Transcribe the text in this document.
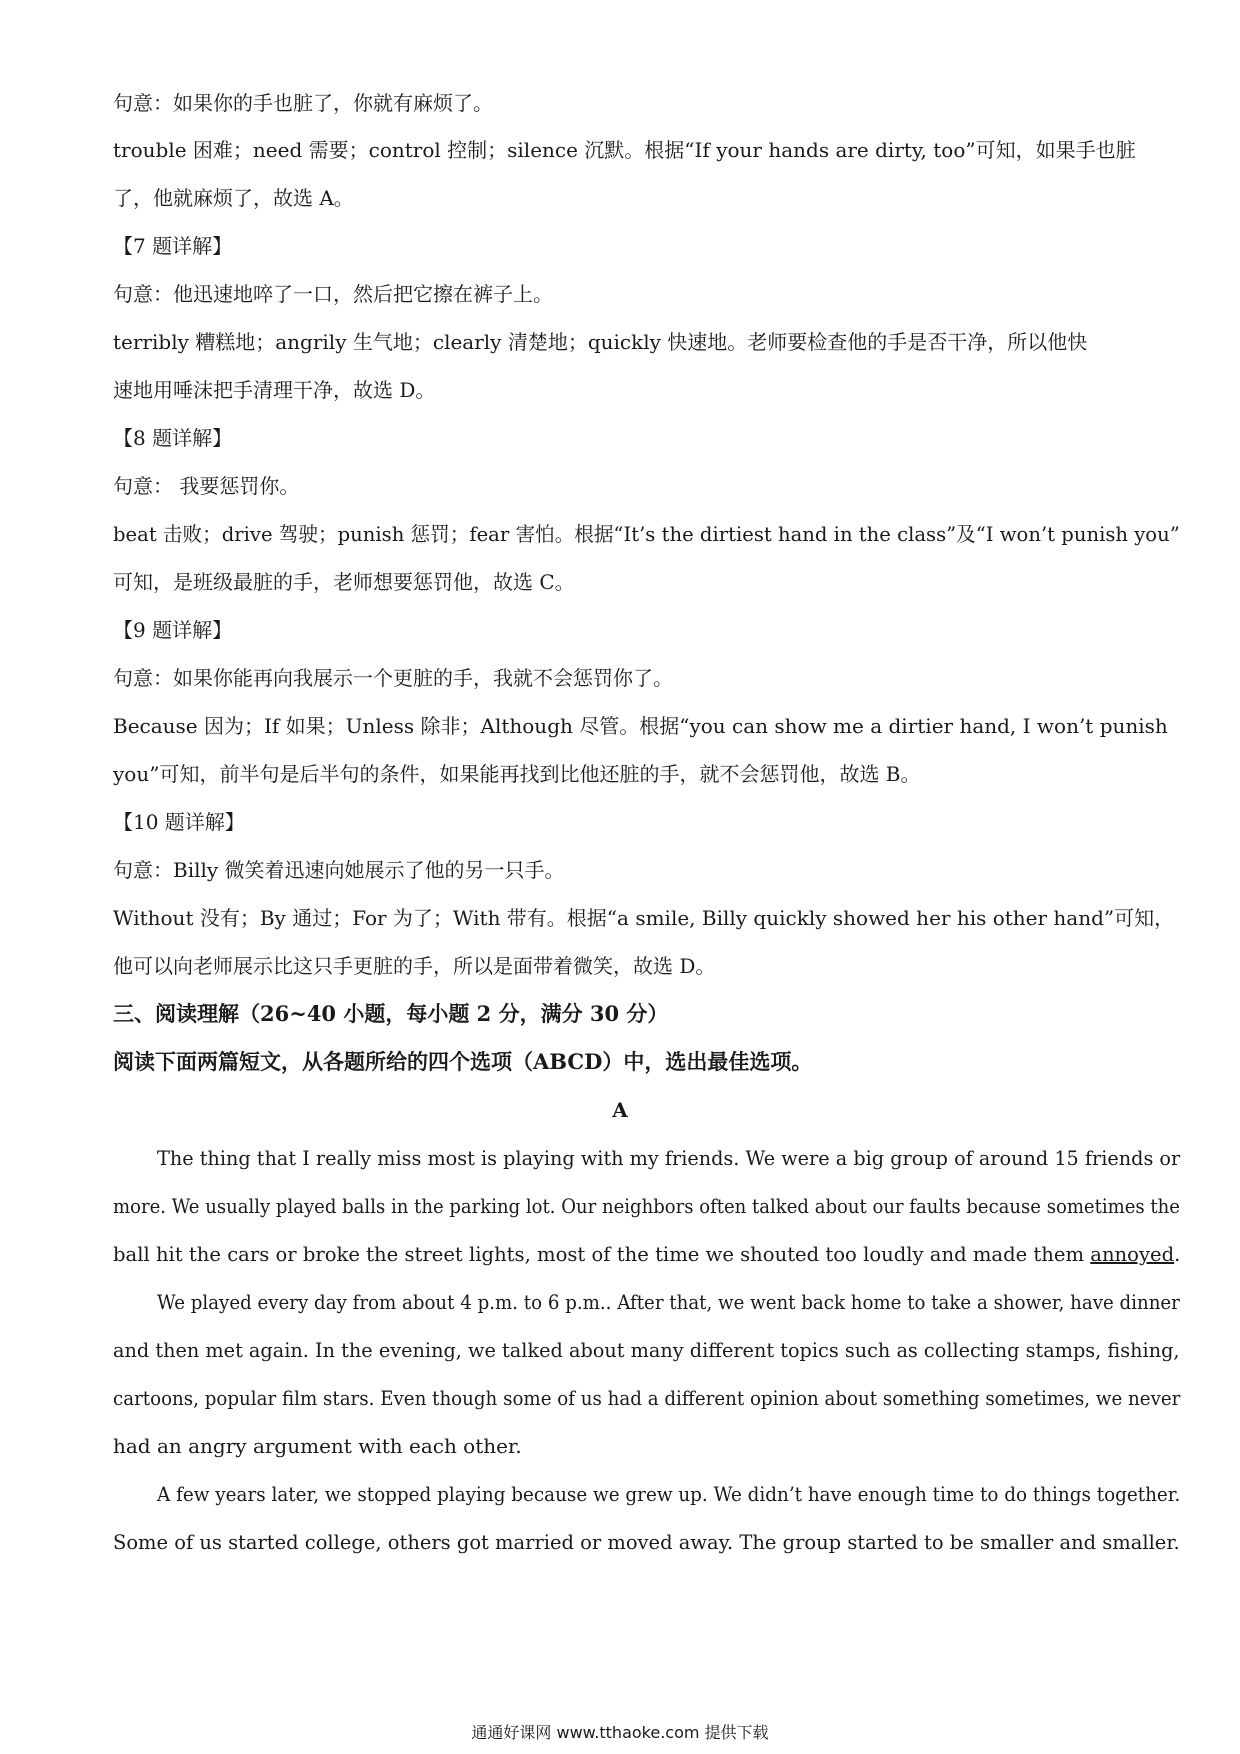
句意：如果你的手也脏了，你就有麻烦了。
trouble 困难；need 需要；control 控制；silence 沉默。根据“If your hands are dirty, too”可知，如果手也脏
了，他就麻烦了，故选 A。
【7 题详解】
句意：他迅速地啐了一口，然后把它擦在裤子上。
terribly 糟糕地；angrily 生气地；clearly 清楚地；quickly 快速地。老师要检查他的手是否干净，所以他快
速地用唾沫把手清理干净，故选 D。
【8 题详解】
句意： 我要惩罚你。
beat 击败；drive 驾驶；punish 惩罚；fear 害怕。根据“It’s the dirtiest hand in the class”及“I won’t punish you”
可知，是班级最脏的手，老师想要惩罚他，故选 C。
【9 题详解】
句意：如果你能再向我展示一个更脏的手，我就不会惩罚你了。
Because 因为；If 如果；Unless 除非；Although 尽管。根据“you can show me a dirtier hand, I won’t punish
you”可知，前半句是后半句的条件，如果能再找到比他还脏的手，就不会惩罚他，故选 B。
【10 题详解】
句意：Billy 微笑着迅速向她展示了他的另一只手。
Without 没有；By 通过；For 为了；With 带有。根据“a smile, Billy quickly showed her his other hand”可知，
他可以向老师展示比这只手更脏的手，所以是面带着微笑，故选 D。
三、阅读理解（26~40 小题，每小题 2 分，满分 30 分）
阅读下面两篇短文，从各题所给的四个选项（ABCD）中，选出最佳选项。
A
The thing that I really miss most is playing with my friends. We were a big group of around 15 friends or
more. We usually played balls in the parking lot. Our neighbors often talked about our faults because sometimes the
ball hit the cars or broke the street lights, most of the time we shouted too loudly and made them annoyed.
We played every day from about 4 p.m. to 6 p.m.. After that, we went back home to take a shower, have dinner
and then met again. In the evening, we talked about many different topics such as collecting stamps, fishing,
cartoons, popular film stars. Even though some of us had a different opinion about something sometimes, we never
had an angry argument with each other.
A few years later, we stopped playing because we grew up. We didn’t have enough time to do things together.
Some of us started college, others got married or moved away. The group started to be smaller and smaller.
通通好课网 www.tthaoke.com 提供下载
